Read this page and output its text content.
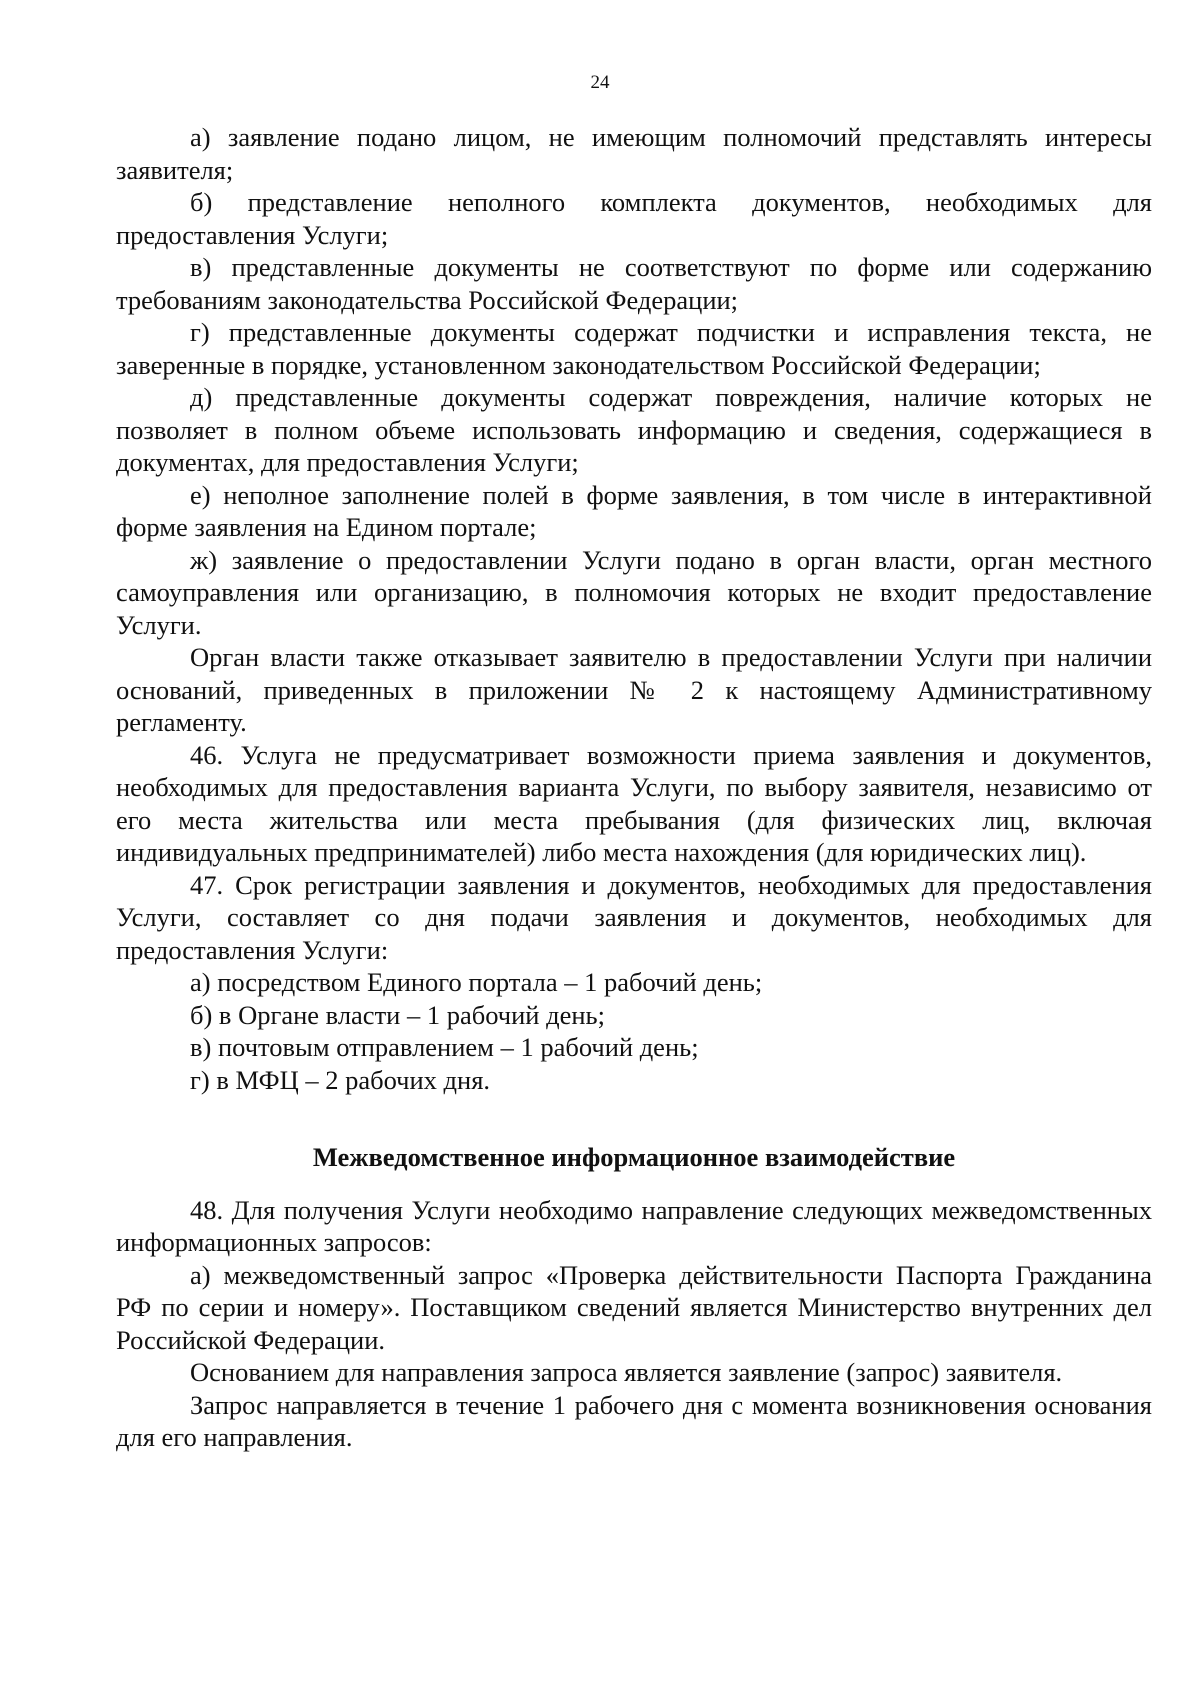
24

а) заявление подано лицом, не имеющим полномочий представлять интересы заявителя;

б) представление неполного комплекта документов, необходимых для предоставления Услуги;

в) представленные документы не соответствуют по форме или содержанию требованиям законодательства Российской Федерации;

г) представленные документы содержат подчистки и исправления текста, не заверенные в порядке, установленном законодательством Российской Федерации;

д) представленные документы содержат повреждения, наличие которых не позволяет в полном объеме использовать информацию и сведения, содержащиеся в документах, для предоставления Услуги;

е) неполное заполнение полей в форме заявления, в том числе в интерактивной форме заявления на Едином портале;

ж) заявление о предоставлении Услуги подано в орган власти, орган местного самоуправления или организацию, в полномочия которых не входит предоставление Услуги.

Орган власти также отказывает заявителю в предоставлении Услуги при наличии оснований, приведенных в приложении № 2 к настоящему Административному регламенту.

46. Услуга не предусматривает возможности приема заявления и документов, необходимых для предоставления варианта Услуги, по выбору заявителя, независимо от его места жительства или места пребывания (для физических лиц, включая индивидуальных предпринимателей) либо места нахождения (для юридических лиц).

47. Срок регистрации заявления и документов, необходимых для предоставления Услуги, составляет со дня подачи заявления и документов, необходимых для предоставления Услуги:

а) посредством Единого портала – 1 рабочий день;

б) в Органе власти – 1 рабочий день;

в) почтовым отправлением – 1 рабочий день;

г) в МФЦ – 2 рабочих дня.

Межведомственное информационное взаимодействие

48. Для получения Услуги необходимо направление следующих межведомственных информационных запросов:

а) межведомственный запрос «Проверка действительности Паспорта Гражданина РФ по серии и номеру». Поставщиком сведений является Министерство внутренних дел Российской Федерации.

Основанием для направления запроса является заявление (запрос) заявителя.

Запрос направляется в течение 1 рабочего дня с момента возникновения основания для его направления.
